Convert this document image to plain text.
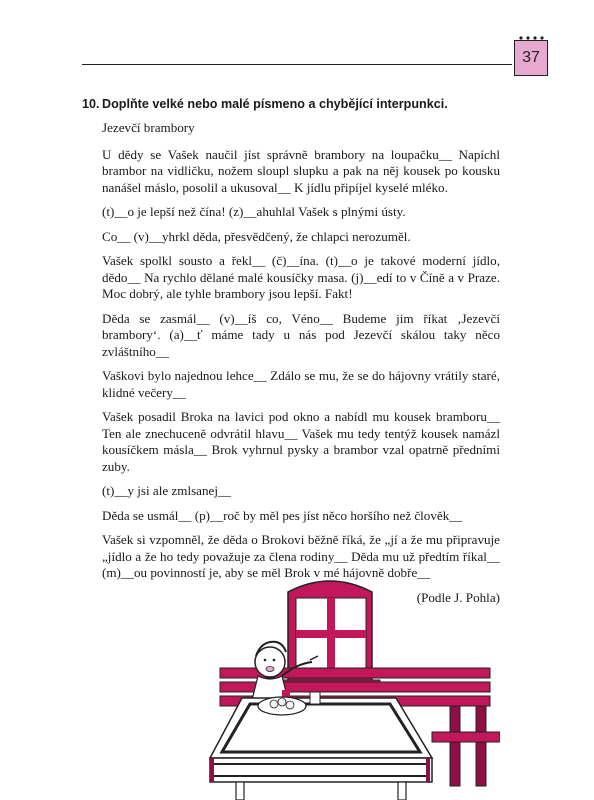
37
10. Doplňte velké nebo malé písmeno a chybějící interpunkci.

Jezevčí brambory

U dědy se Vašek naučil jíst správně brambory na loupačku__ Napíchl brambor na vidličku, nožem sloupl slupku a pak na něj kousek po kousku nanášel máslo, posolil a ukusoval__ K jídlu připíjel kyselé mléko.

(t)__o je lepší než čína! (z)__ahuhlal Vašek s plnými ústy.

Co__ (v)__yhrkl děda, přesvědčený, že chlapci nerozuměl.

Vašek spolkl sousto a řekl__ (č)__ína. (t)__o je takové moderní jídlo, dědo__ Na rychlo dělané malé kousíčky masa. (j)__edí to v Číně a v Praze. Moc dobrý, ale tyhle brambory jsou lepší. Fakt!

Děda se zasmál__ (v)__íš co, Véno__ Budeme jim říkat ‚Jezevčí brambory‘. (a)__ť máme tady u nás pod Jezevčí skálou taky něco zvláštního__

Vaškovi bylo najednou lehce__ Zdálo se mu, že se do hájovny vrátily staré, klidné večery__

Vašek posadil Broka na lavici pod okno a nabídl mu kousek bramboru__ Ten ale znechuceně odvrátil hlavu__ Vašek mu tedy tentýž kousek namázl kousíčkem másla__ Brok vyhrnul pysky a brambor vzal opatrně předními zuby.

(t)__y jsi ale zmlsanej__

Děda se usmál__ (p)__roč by měl pes jíst něco horšího než člověk__

Vašek si vzpomněl, že děda o Brokovi běžně říká, že „jí a že mu připravuje „jídlo a že ho tedy považuje za člena rodiny__ Děda mu už předtím říkal__ (m)__ou povinností je, aby se měl Brok v mé hájovně dobře__

(Podle J. Pohla)
